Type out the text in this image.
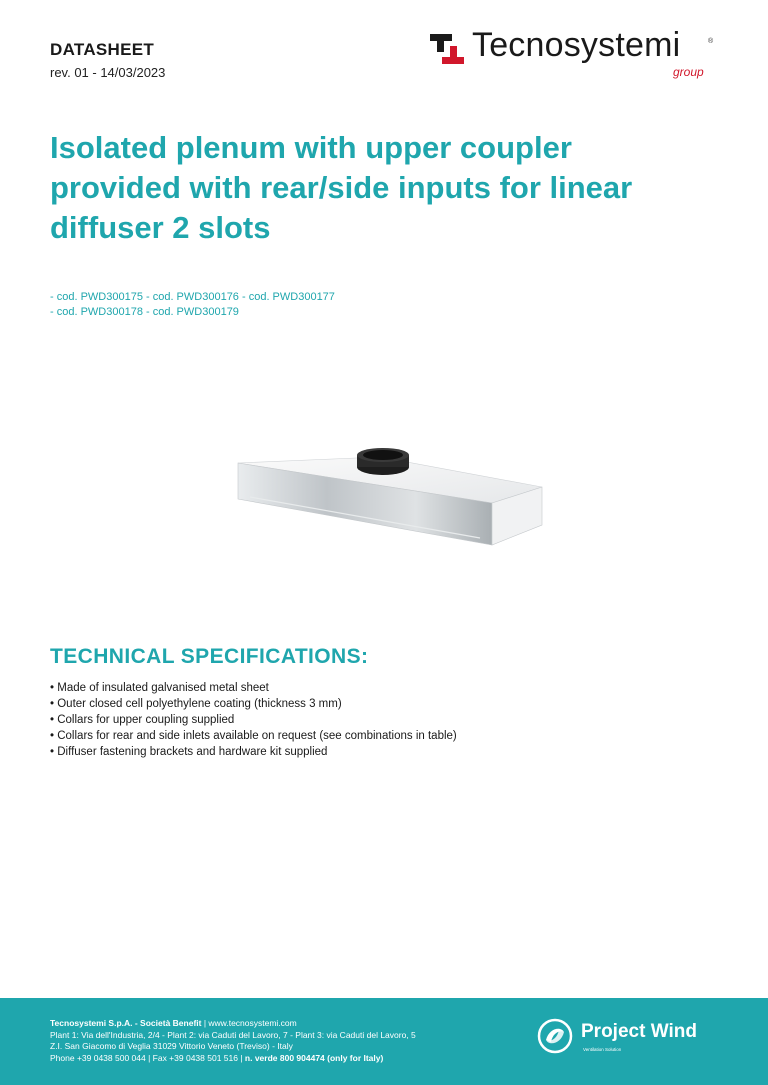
DATASHEET
rev. 01 - 14/03/2023
Tecnosystemi	®
group
Isolated plenum with upper coupler provided with rear/side inputs for linear diffuser 2 slots
- cod. PWD300175 - cod. PWD300176 - cod. PWD300177
- cod. PWD300178 - cod. PWD300179
TECHNICAL SPECIFICATIONS:
• Made of insulated galvanised metal sheet
• Outer closed cell polyethylene coating (thickness 3 mm)
• Collars for upper coupling supplied
• Collars for rear and side inlets available on request (see combinations in table)
• Diffuser fastening brackets and hardware kit supplied
Tecnosystemi S.p.A. - Società Benefit | www.tecnosystemi.com
Plant 1: Via dell'Industria, 2/4 - Plant 2: via Caduti del Lavoro, 7 - Plant 3: via Caduti del Lavoro, 5
Z.I. San Giacomo di Veglia 31029 Vittorio Veneto (Treviso) - Italy
Phone +39 0438 500 044 | Fax +39 0438 501 516 | n. verde 800 904474 (only for Italy)
Project Wind
Ventilation Solution
